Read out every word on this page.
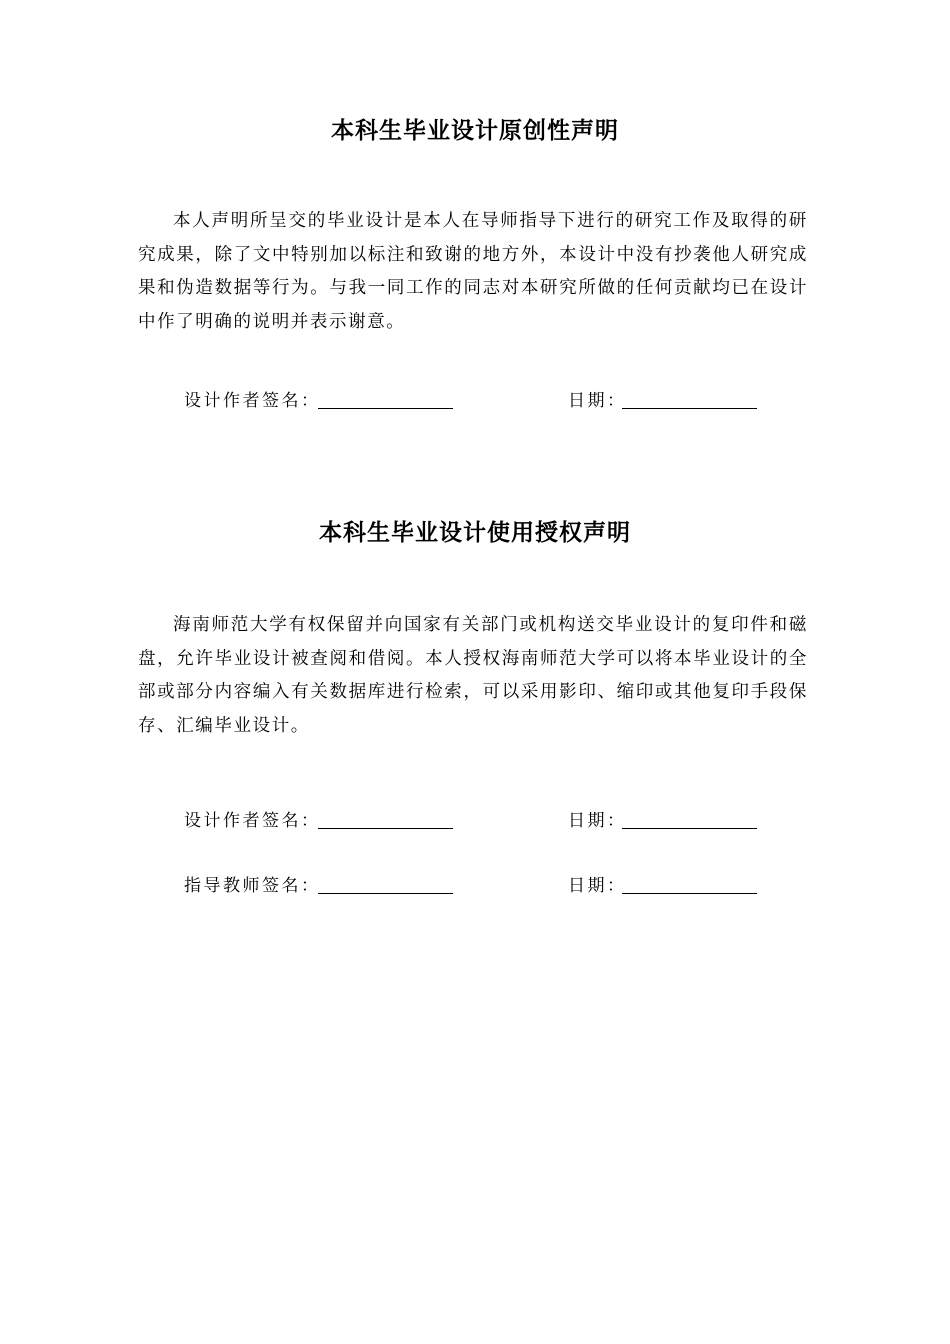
本科生毕业设计原创性声明

本人声明所呈交的毕业设计是本人在导师指导下进行的研究工作及取得的研究成果，除了文中特别加以标注和致谢的地方外，本设计中没有抄袭他人研究成果和伪造数据等行为。与我一同工作的同志对本研究所做的任何贡献均已在设计中作了明确的说明并表示谢意。

设计作者签名：	日期：
本科生毕业设计使用授权声明

海南师范大学有权保留并向国家有关部门或机构送交毕业设计的复印件和磁盘，允许毕业设计被查阅和借阅。本人授权海南师范大学可以将本毕业设计的全部或部分内容编入有关数据库进行检索，可以采用影印、缩印或其他复印手段保存、汇编毕业设计。

设计作者签名：	日期：
指导教师签名：	日期：
